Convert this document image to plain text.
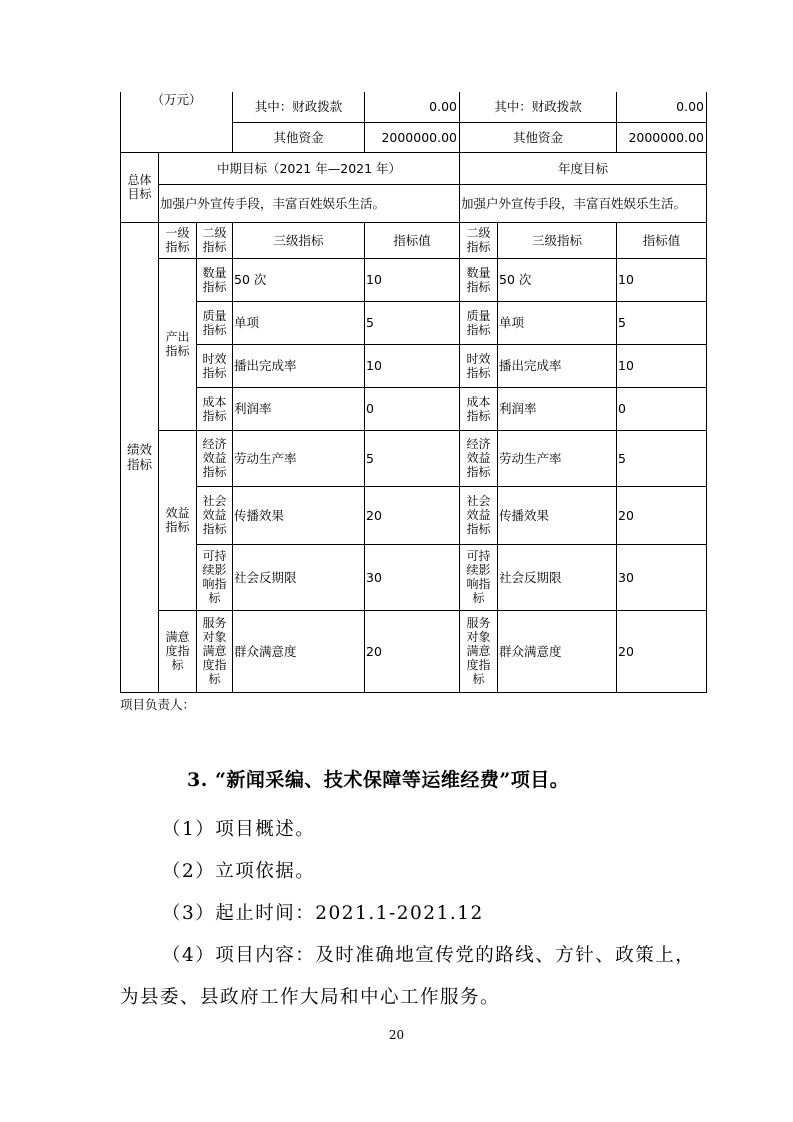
（万元）			其中：财政拨款	0.00	其中：财政拨款		0.00
			其他资金	2000000.00	其他资金		2000000.00
总体目标	中期目标（2021 年—2021 年）				年度目标		
	加强户外宣传手段，丰富百姓娱乐生活。				加强户外宣传手段，丰富百姓娱乐生活。		
绩效指标	一级指标	二级指标	三级指标	指标值	二级指标	三级指标	指标值
	产出指标	数量指标	50 次	10	数量指标	50 次	10
		质量指标	单项	5	质量指标	单项	5
		时效指标	播出完成率	10	时效指标	播出完成率	10
		成本指标	利润率	0	成本指标	利润率	0
	效益指标	经济效益指标	劳动生产率	5	经济效益指标	劳动生产率	5
		社会效益指标	传播效果	20	社会效益指标	传播效果	20
		可持续影响指标	社会反期限	30	可持续影响指标	社会反期限	30
	满意度指标	服务对象满意度指标	群众满意度	20	服务对象满意度指标	群众满意度	20
项目负责人：
3. “新闻采编、技术保障等运维经费”项目。
（1）项目概述。
（2）立项依据。
（3）起止时间：2021.1-2021.12
（4）项目内容：及时准确地宣传党的路线、方针、政策上，
为县委、县政府工作大局和中心工作服务。
20
